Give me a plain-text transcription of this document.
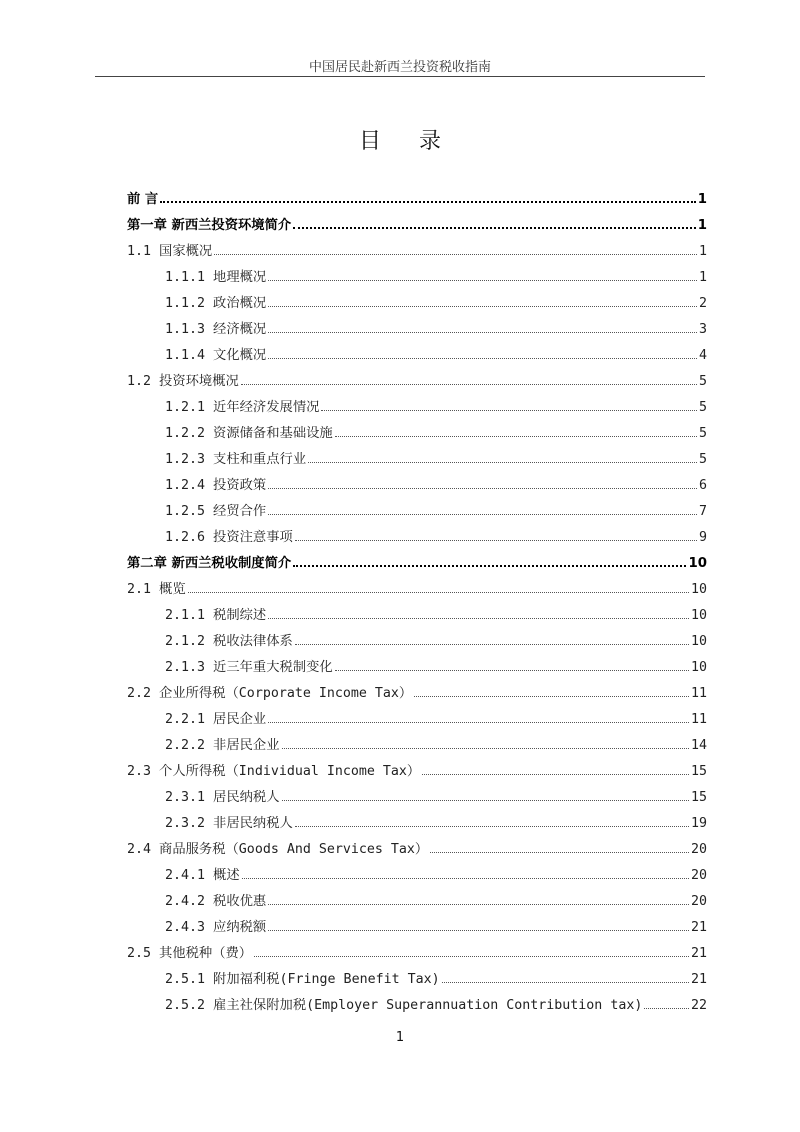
中国居民赴新西兰投资税收指南
目录
前 言	1
第一章 新西兰投资环境简介	1
1.1 国家概况	1
1.1.1 地理概况	1
1.1.2 政治概况	2
1.1.3 经济概况	3
1.1.4 文化概况	4
1.2 投资环境概况	5
1.2.1 近年经济发展情况	5
1.2.2 资源储备和基础设施	5
1.2.3 支柱和重点行业	5
1.2.4 投资政策	6
1.2.5 经贸合作	7
1.2.6 投资注意事项	9
第二章 新西兰税收制度简介	10
2.1 概览	10
2.1.1 税制综述	10
2.1.2 税收法律体系	10
2.1.3 近三年重大税制变化	10
2.2 企业所得税（Corporate Income Tax）	11
2.2.1 居民企业	11
2.2.2 非居民企业	14
2.3 个人所得税（Individual Income Tax）	15
2.3.1 居民纳税人	15
2.3.2 非居民纳税人	19
2.4 商品服务税（Goods And Services Tax）	20
2.4.1 概述	20
2.4.2 税收优惠	20
2.4.3 应纳税额	21
2.5 其他税种（费）	21
2.5.1 附加福利税(Fringe Benefit Tax)	21
2.5.2 雇主社保附加税(Employer Superannuation Contribution tax)	22
1
